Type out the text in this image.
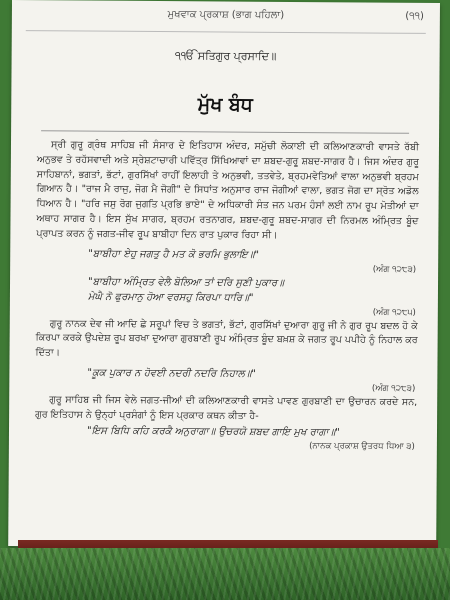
ਮੁਖਵਾਕ ਪ੍ਰਕਾਸ਼ (ਭਾਗ ਪਹਿਲਾ)	(੧੧)
੧ੴ ਸਤਿਗੁਰ ਪ੍ਰਸਾਦਿ॥
ਮੁੱਖ ਬੰਧ

ਸ੍ਰੀ ਗੁਰੂ ਗ੍ਰੰਥ ਸਾਹਿਬ ਜੀ ਸੰਸਾਰ ਦੇ ਇਤਿਹਾਸ ਅੰਦਰ, ਸਮੁੱਚੀ ਲੋਕਾਈ ਦੀ ਕਲਿਆਣਕਾਰੀ ਵਾਸਤੇ ਰੱਬੀ ਅਨੁਭਵ ਤੇ ਰਹੱਸਵਾਦੀ ਅਤੇ ਸ੍ਰੇਸ਼ਟਾਚਾਰੀ ਪਵਿੱਤ੍ਰ ਸਿੱਖਿਆਵਾਂ ਦਾ ਸ਼ਬਦ-ਗੁਰੂ ਸ਼ਬਦ-ਸਾਗਰ ਹੈ। ਜਿਸ ਅੰਦਰ ਗੁਰੂ ਸਾਹਿਬਾਨਾਂ, ਭਗਤਾਂ, ਭੱਟਾਂ, ਗੁਰਸਿੱਖਾਂ ਰਾਹੀਂ ਇਲਾਹੀ ਤੇ ਅਨੁਭਵੀ, ਤਤਵੇਤੇ, ਬ੍ਰਹਮਵੇਤਿਆਂ ਵਾਲਾ ਅਨੁਭਵੀ ਬ੍ਰਹਮ ਗਿਆਨ ਹੈ। "ਰਾਜ ਮੈ ਰਾਜੁ, ਜੋਗ ਮੈ ਜੋਗੀ" ਦੇ ਸਿਧਾਂਤ ਅਨੁਸਾਰ ਰਾਜ ਜੋਗੀਆਂ ਵਾਲਾ, ਭਗਤ ਜੋਗ ਦਾ ਸ੍ਰੋਤ ਅਡੋਲ ਧਿਆਨ ਹੈ। "ਹਰਿ ਜਸੁ ਰੋਗ ਜੁਗਤਿ ਪ੍ਰਭਿ ਭਾਏ" ਦੇ ਅਧਿਕਾਰੀ ਸੰਤ ਜਨ ਪਰਮ ਹੰਸਾਂ ਲਈ ਨਾਮ ਰੂਪ ਮੋਤੀਆਂ ਦਾ ਅਥਾਹ ਸਾਗਰ ਹੈ। ਇਸ ਸੁੱਖ ਸਾਗਰ, ਬ੍ਰਹਮ ਰਤਨਾਗਰ, ਸ਼ਬਦ-ਗੁਰੂ ਸ਼ਬਦ-ਸਾਗਰ ਦੀ ਨਿਰਮਲ ਅੰਮ੍ਰਿਤ ਬੂੰਦ ਪ੍ਰਾਪਤ ਕਰਨ ਨੂੰ ਜਗਤ-ਜੀਵ ਰੂਪ ਬਾਬੀਹਾ ਦਿਨ ਰਾਤ ਪੁਕਾਰ ਰਿਹਾ ਸੀ।

"ਬਾਬੀਹਾ ਏਹੁ ਜਗਤੁ ਹੈ ਮਤ ਕੋ ਭਰਮਿ ਭੁਲਾਇ॥"

(ਅੰਗ ੧੨੮੩)

"ਬਾਬੀਹਾ ਅੰਮ੍ਰਿਤ ਵੇਲੈ ਬੋਲਿਆ ਤਾਂ ਦਰਿ ਸੁਣੀ ਪੁਕਾਰ॥

ਮੇਘੈ ਨੋ ਫੁਰਮਾਨੁ ਹੋਆ ਵਰਸਹੁ ਕਿਰਪਾ ਧਾਰਿ॥"

(ਅੰਗ ੧੨੮੫)

ਗੁਰੂ ਨਾਨਕ ਦੇਵ ਜੀ ਆਦਿ ਛੇ ਸਰੂਪਾਂ ਵਿਚ ਤੇ ਭਗਤਾਂ, ਭੱਟਾਂ, ਗੁਰਸਿੱਖਾਂ ਦੁਆਰਾ ਗੁਰੂ ਜੀ ਨੇ ਗੁਰ ਰੂਪ ਬਦਲ ਹੋ ਕੇ ਕਿਰਪਾ ਕਰਕੇ ਉਪਦੇਸ਼ ਰੂਪ ਬਰਖਾ ਦੁਆਰਾ ਗੁਰਬਾਣੀ ਰੂਪ ਅੰਮ੍ਰਿਤ ਬੂੰਦ ਬਖ਼ਸ਼ ਕੇ ਜਗਤ ਰੂਪ ਪਪੀਹੇ ਨੂੰ ਨਿਹਾਲ ਕਰ ਦਿੱਤਾ।

"ਕੂਕ ਪੁਕਾਰ ਨ ਹੋਵਈ ਨਦਰੀ ਨਦਰਿ ਨਿਹਾਲ॥"

(ਅੰਗ ੧੨੮੩)

ਗੁਰੂ ਸਾਹਿਬ ਜੀ ਜਿਸ ਵੇਲੇ ਜਗਤ-ਜੀਆਂ ਦੀ ਕਲਿਆਣਕਾਰੀ ਵਾਸਤੇ ਪਾਵਣ ਗੁਰਬਾਣੀ ਦਾ ਉਚਾਰਨ ਕਰਦੇ ਸਨ, ਗੁਰ ਇਤਿਹਾਸ ਨੇ ਉਨ੍ਹਾਂ ਪ੍ਰਸੰਗਾਂ ਨੂੰ ਇਸ ਪ੍ਰਕਾਰ ਕਥਨ ਕੀਤਾ ਹੈ-

"ਇਸ ਬਿਧਿ ਕਹਿ ਕਰਕੈ ਅਨੁਰਾਗਾ॥ ਉਚਰਯੋ ਸ਼ਬਦ ਗਾਇ ਮੁਖ ਰਾਗਾ॥"

(ਨਾਨਕ ਪ੍ਰਕਾਸ਼ ਉਤਰਧ ਧਿਆ ੩)
